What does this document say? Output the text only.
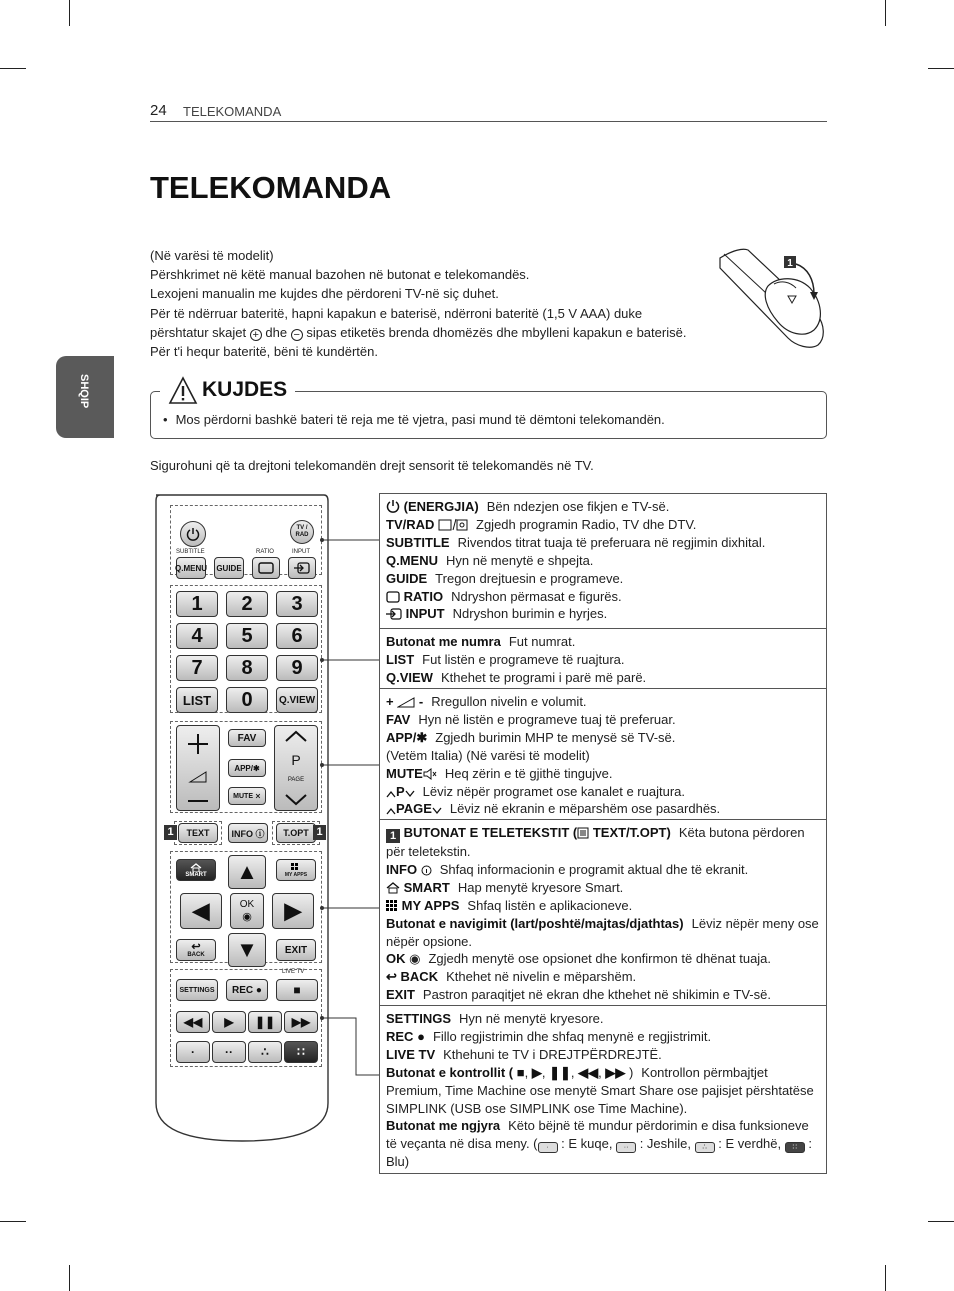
24 TELEKOMANDA
TELEKOMANDA
SHQIP

(Në varësi të modelit)

Përshkrimet në këtë manual bazohen në butonat e telekomandës.

Lexojeni manualin me kujdes dhe përdoreni TV-në siç duhet.

Për të ndërruar bateritë, hapni kapakun e baterisë, ndërroni bateritë (1,5 V AAA) duke

përshtatur skajet + dhe − sipas etiketës brenda dhomëzës dhe mbylleni kapakun e baterisë.

Për t'i hequr bateritë, bëni të kundërtën.

1
• Mos përdorni bashkë bateri të reja me të vjetra, pasi mund të dëmtoni telekomandën.
KUJDES
Sigurohuni që ta drejtoni telekomandën drejt sensorit të telekomandës në TV.
TV / RAD
SUBTITLE	RATIO	INPUT
Q.MENU GUIDE
1	2	3
4	5	6
7	8	9
LIST	0	Q.VIEW
FAV
APP/✱
MUTE ⨯
P
PAGE
TEXT	INFO ⓘ	T.OPT
1	1
SMART	MY APPS
▲
▼
◀	▶
OK
◉
↩
BACK	EXIT
LIVE TV
SETTINGS	REC ●	■
◀◀	▶	❚❚	▶▶
·	··	∴	∷
(ENERGJIA) Bën ndezjen ose fikjen e TV-së.
TV/RAD	Zgjedh programin Radio, TV dhe DTV.
SUBTITLE Rivendos titrat tuaja të preferuara në regjimin dixhital.
Q.MENU Hyn në menytë e shpejta.
GUIDE Tregon drejtuesin e programeve.
RATIO Ndryshon përmasat e figurës.
INPUT Ndryshon burimin e hyrjes.
Butonat me numra Fut numrat.
LIST Fut listën e programeve të ruajtura.
Q.VIEW Kthehet te programi i parë më parë.
+ - Rregullon nivelin e volumit.
FAV Hyn në listën e programeve tuaj të preferuar.
APP/✱ Zgjedh burimin MHP te menysë së TV-së.
(Vetëm Italia) (Në varësi të modelit)
MUTE Heq zërin e të gjithë tingujve.
P Lëviz nëpër programet ose kanalet e ruajtura.
PAGE Lëviz në ekranin e mëparshëm ose pasardhës.
1 BUTONAT E TELETEKSTIT ( TEXT/T.OPT) Këta butona përdoren për teletekstin.
INFO Shfaq informacionin e programit aktual dhe të ekranit.
SMART Hap menytë kryesore Smart.
MY APPS Shfaq listën e aplikacioneve.
Butonat e navigimit (lart/poshtë/majtas/djathtas) Lëviz nëpër meny ose nëpër opsione.
OK ◉ Zgjedh menytë ose opsionet dhe konfirmon të dhënat tuaja.
↩ BACK Kthehet në nivelin e mëparshëm.
EXIT Pastron paraqitjet në ekran dhe kthehet në shikimin e TV-së.
SETTINGS Hyn në menytë kryesore.
REC ● Fillo regjistrimin dhe shfaq menynë e regjistrimit.
LIVE TV Kthehuni te TV i DREJTPËRDREJTË.
Butonat e kontrollit ( ■, ▶, ❚❚, ◀◀, ▶▶ ) Kontrollon përmbajtjet Premium, Time Machine ose menytë Smart Share ose pajisjet përshtatëse SIMPLINK (USB ose SIMPLINK ose Time Machine).
Butonat me ngjyra Këto bëjnë të mundur përdorimin e disa funksioneve të veçanta në disa meny. ( · : E kuqe, ·· : Jeshile, ∴ : E verdhë, ∷ : Blu)
